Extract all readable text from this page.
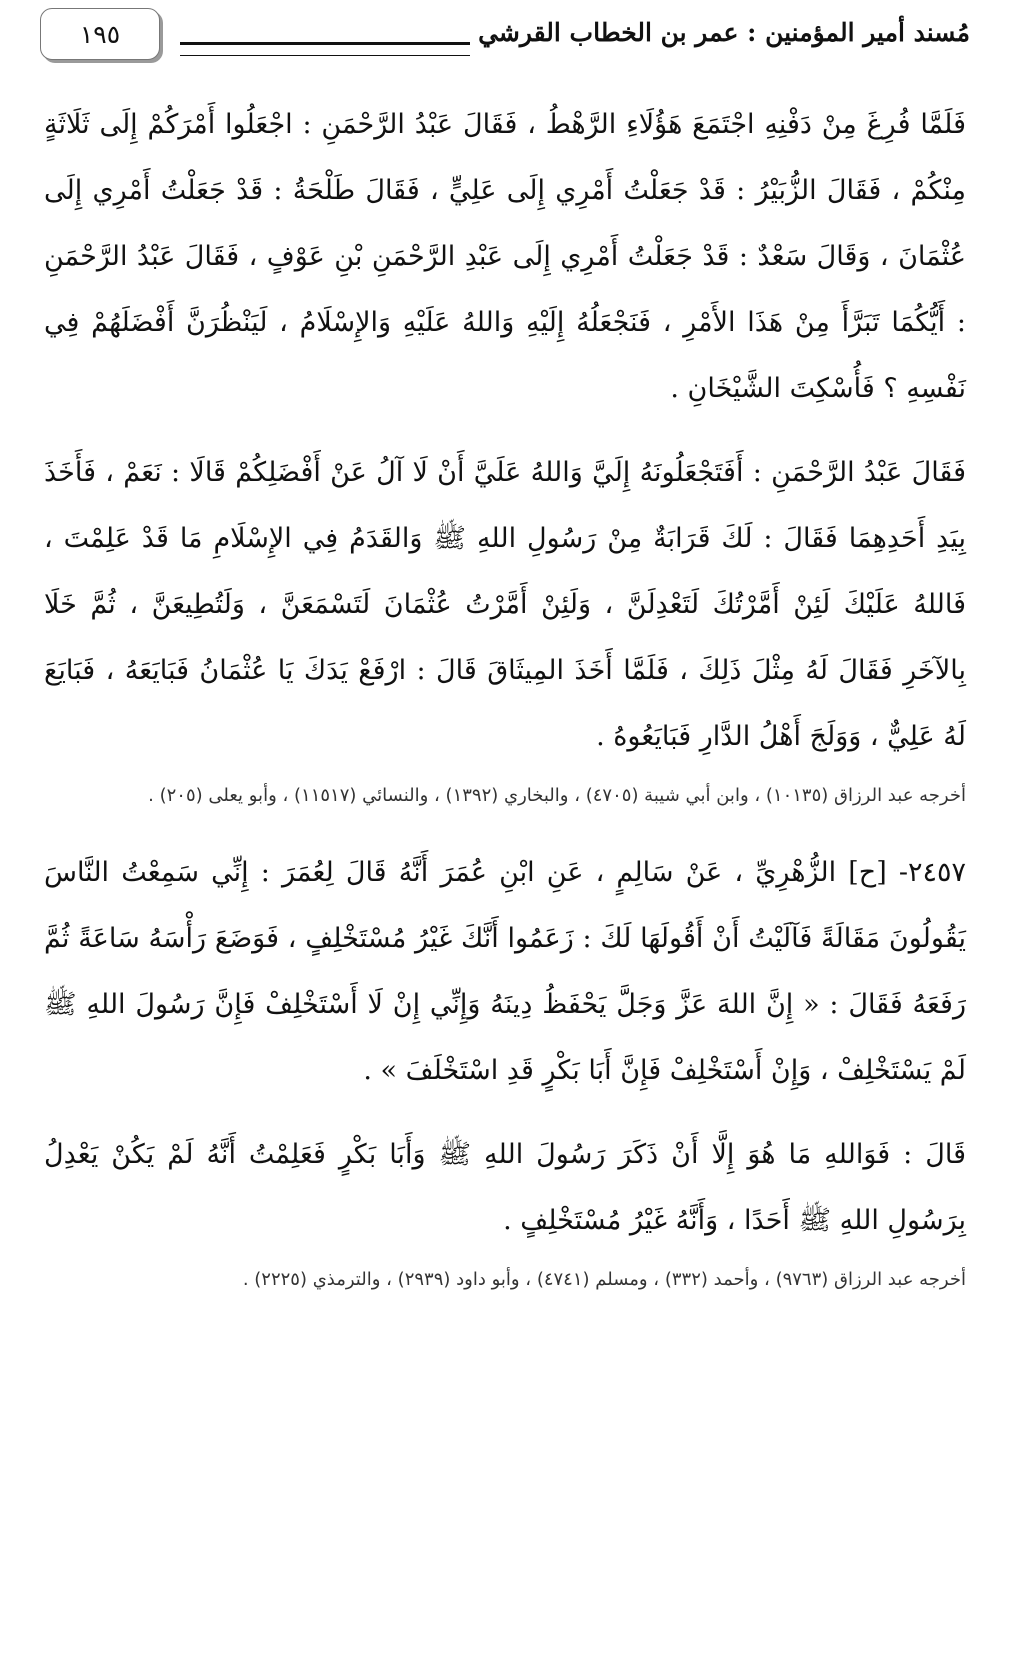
١٩٥	مُسند أمير المؤمنين : عمر بن الخطاب القرشي

فَلَمَّا فُرِغَ مِنْ دَفْنِهِ اجْتَمَعَ هَؤُلَاءِ الرَّهْطُ ، فَقَالَ عَبْدُ الرَّحْمَنِ : اجْعَلُوا أَمْرَكُمْ إِلَى ثَلَاثَةٍ مِنْكُمْ ، فَقَالَ الزُّبَيْرُ : قَدْ جَعَلْتُ أَمْرِي إِلَى عَلِيٍّ ، فَقَالَ طَلْحَةُ : قَدْ جَعَلْتُ أَمْرِي إِلَى عُثْمَانَ ، وَقَالَ سَعْدٌ : قَدْ جَعَلْتُ أَمْرِي إِلَى عَبْدِ الرَّحْمَنِ بْنِ عَوْفٍ ، فَقَالَ عَبْدُ الرَّحْمَنِ : أَيُّكُمَا تَبَرَّأَ مِنْ هَذَا الأَمْرِ ، فَنَجْعَلُهُ إِلَيْهِ وَاللهُ عَلَيْهِ وَالإِسْلَامُ ، لَيَنْظُرَنَّ أَفْضَلَهُمْ فِي نَفْسِهِ ؟ فَأُسْكِتَ الشَّيْخَانِ .

فَقَالَ عَبْدُ الرَّحْمَنِ : أَفَتَجْعَلُونَهُ إِلَيَّ وَاللهُ عَلَيَّ أَنْ لَا آلُ عَنْ أَفْضَلِكُمْ قَالَا : نَعَمْ ، فَأَخَذَ بِيَدِ أَحَدِهِمَا فَقَالَ : لَكَ قَرَابَةٌ مِنْ رَسُولِ اللهِ ﷺ وَالقَدَمُ فِي الإِسْلَامِ مَا قَدْ عَلِمْتَ ، فَاللهُ عَلَيْكَ لَئِنْ أَمَّرْتُكَ لَتَعْدِلَنَّ ، وَلَئِنْ أَمَّرْتُ عُثْمَانَ لَتَسْمَعَنَّ ، وَلَتُطِيعَنَّ ، ثُمَّ خَلَا بِالآخَرِ فَقَالَ لَهُ مِثْلَ ذَلِكَ ، فَلَمَّا أَخَذَ المِيثَاقَ قَالَ : ارْفَعْ يَدَكَ يَا عُثْمَانُ فَبَايَعَهُ ، فَبَايَعَ لَهُ عَلِيٌّ ، وَوَلَجَ أَهْلُ الدَّارِ فَبَايَعُوهُ .

أخرجه عبد الرزاق (١٠١٣٥) ، وابن أبي شيبة (٤٧٠٥) ، والبخاري (١٣٩٢) ، والنسائي (١١٥١٧) ، وأبو يعلى (٢٠٥) .

٢٤٥٧- [ح] الزُّهْرِيِّ ، عَنْ سَالِمٍ ، عَنِ ابْنِ عُمَرَ أَنَّهُ قَالَ لِعُمَرَ : إِنِّي سَمِعْتُ النَّاسَ يَقُولُونَ مَقَالَةً فَآلَيْتُ أَنْ أَقُولَهَا لَكَ : زَعَمُوا أَنَّكَ غَيْرُ مُسْتَخْلِفٍ ، فَوَضَعَ رَأْسَهُ سَاعَةً ثُمَّ رَفَعَهُ فَقَالَ : « إِنَّ اللهَ عَزَّ وَجَلَّ يَحْفَظُ دِينَهُ وَإِنِّي إِنْ لَا أَسْتَخْلِفْ فَإِنَّ رَسُولَ اللهِ ﷺ لَمْ يَسْتَخْلِفْ ، وَإِنْ أَسْتَخْلِفْ فَإِنَّ أَبَا بَكْرٍ قَدِ اسْتَخْلَفَ » .

قَالَ : فَوَاللهِ مَا هُوَ إِلَّا أَنْ ذَكَرَ رَسُولَ اللهِ ﷺ وَأَبَا بَكْرٍ فَعَلِمْتُ أَنَّهُ لَمْ يَكُنْ يَعْدِلُ بِرَسُولِ اللهِ ﷺ أَحَدًا ، وَأَنَّهُ غَيْرُ مُسْتَخْلِفٍ .

أخرجه عبد الرزاق (٩٧٦٣) ، وأحمد (٣٣٢) ، ومسلم (٤٧٤١) ، وأبو داود (٢٩٣٩) ، والترمذي (٢٢٢٥) .
